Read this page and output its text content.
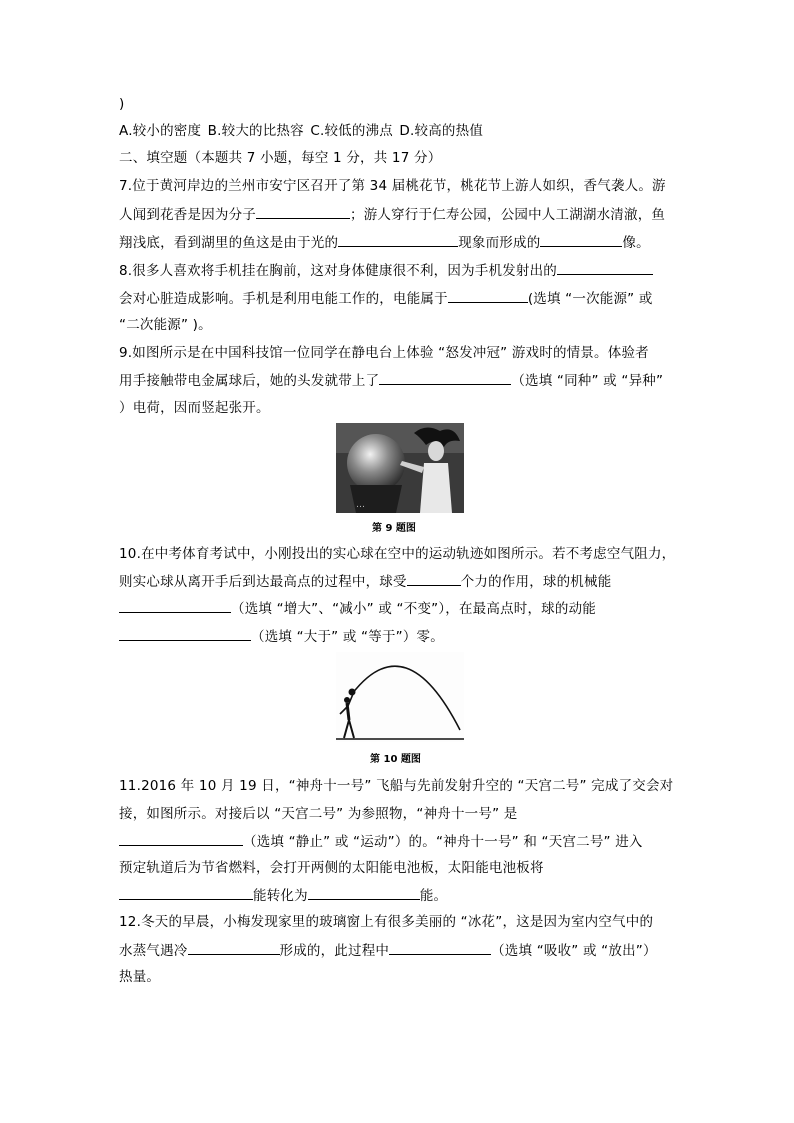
)
A.较小的密度 B.较大的比热容 C.较低的沸点 D.较高的热值
二、填空题（本题共 7 小题，每空 1 分，共 17 分）
7.位于黄河岸边的兰州市安宁区召开了第 34 届桃花节，桃花节上游人如织，香气袭人。游
人闻到花香是因为分子	；游人穿行于仁寿公园，公园中人工湖湖水清澈，鱼
翔浅底，看到湖里的鱼这是由于光的	现象而形成的	像。
8.很多人喜欢将手机挂在胸前，这对身体健康很不利，因为手机发射出的
会对心脏造成影响。手机是利用电能工作的，电能属于	(选填 “一次能源” 或
“二次能源” )。
9.如图所示是在中国科技馆一位同学在静电台上体验 “怒发冲冠” 游戏时的情景。体验者
用手接触带电金属球后，她的头发就带上了	（选填 “同种” 或 “异种”
）电荷，因而竖起张开。
…
第 9 题图
10.在中考体育考试中，小刚投出的实心球在空中的运动轨迹如图所示。若不考虑空气阻力，
则实心球从离开手后到达最高点的过程中，球受	个力的作用，球的机械能
（选填 “增大”、“减小” 或 “不变”），在最高点时，球的动能
（选填 “大于” 或 “等于”）零。
第 10 题图
11.2016 年 10 月 19 日，“神舟十一号” 飞船与先前发射升空的 “天宫二号” 完成了交会对
接，如图所示。对接后以 “天宫二号” 为参照物，“神舟十一号” 是
（选填 “静止” 或 “运动”）的。“神舟十一号” 和 “天宫二号” 进入
预定轨道后为节省燃料，会打开两侧的太阳能电池板，太阳能电池板将
能转化为	能。
12.冬天的早晨，小梅发现家里的玻璃窗上有很多美丽的 “冰花”，这是因为室内空气中的
水蒸气遇冷	形成的，此过程中	（选填 “吸收” 或 “放出”）
热量。
